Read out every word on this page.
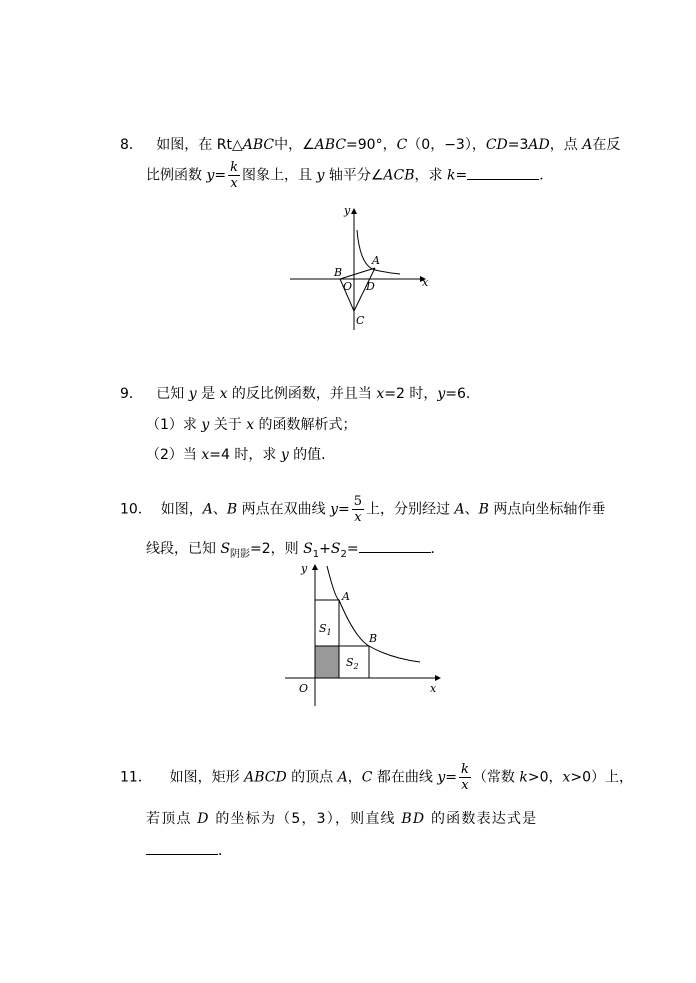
8． 如图，在 Rt△ABC中，∠ABC=90°，C（0，−3），CD=3AD，点 A在反
比例函数 $y= \frac{k}{x}$ 图象上，且 y 轴平分∠ACB，求 k=	．
y
x
A
B
O D
C
9． 已知 y 是 x 的反比例函数，并且当 x=2 时，y=6．
（1）求 y 关于 x 的函数解析式；
（2）当 x=4 时，求 y 的值．
10． 如图，A、B 两点在双曲线 $y= \frac{5}{x}$ 上，分别经过 A、B 两点向坐标轴作垂
线段，已知 $S_{阴影}=2$，则 $S_1+S_2=$	．
y
x
A
B
O
$S_1$
$S_2$
11． 如图，矩形 ABCD 的顶点 A，C 都在曲线 $y= \frac{k}{x}$ （常数 k>0，x>0）上，
若顶点 D 的坐标为（5，3），则直线 BD 的函数表达式是
．
